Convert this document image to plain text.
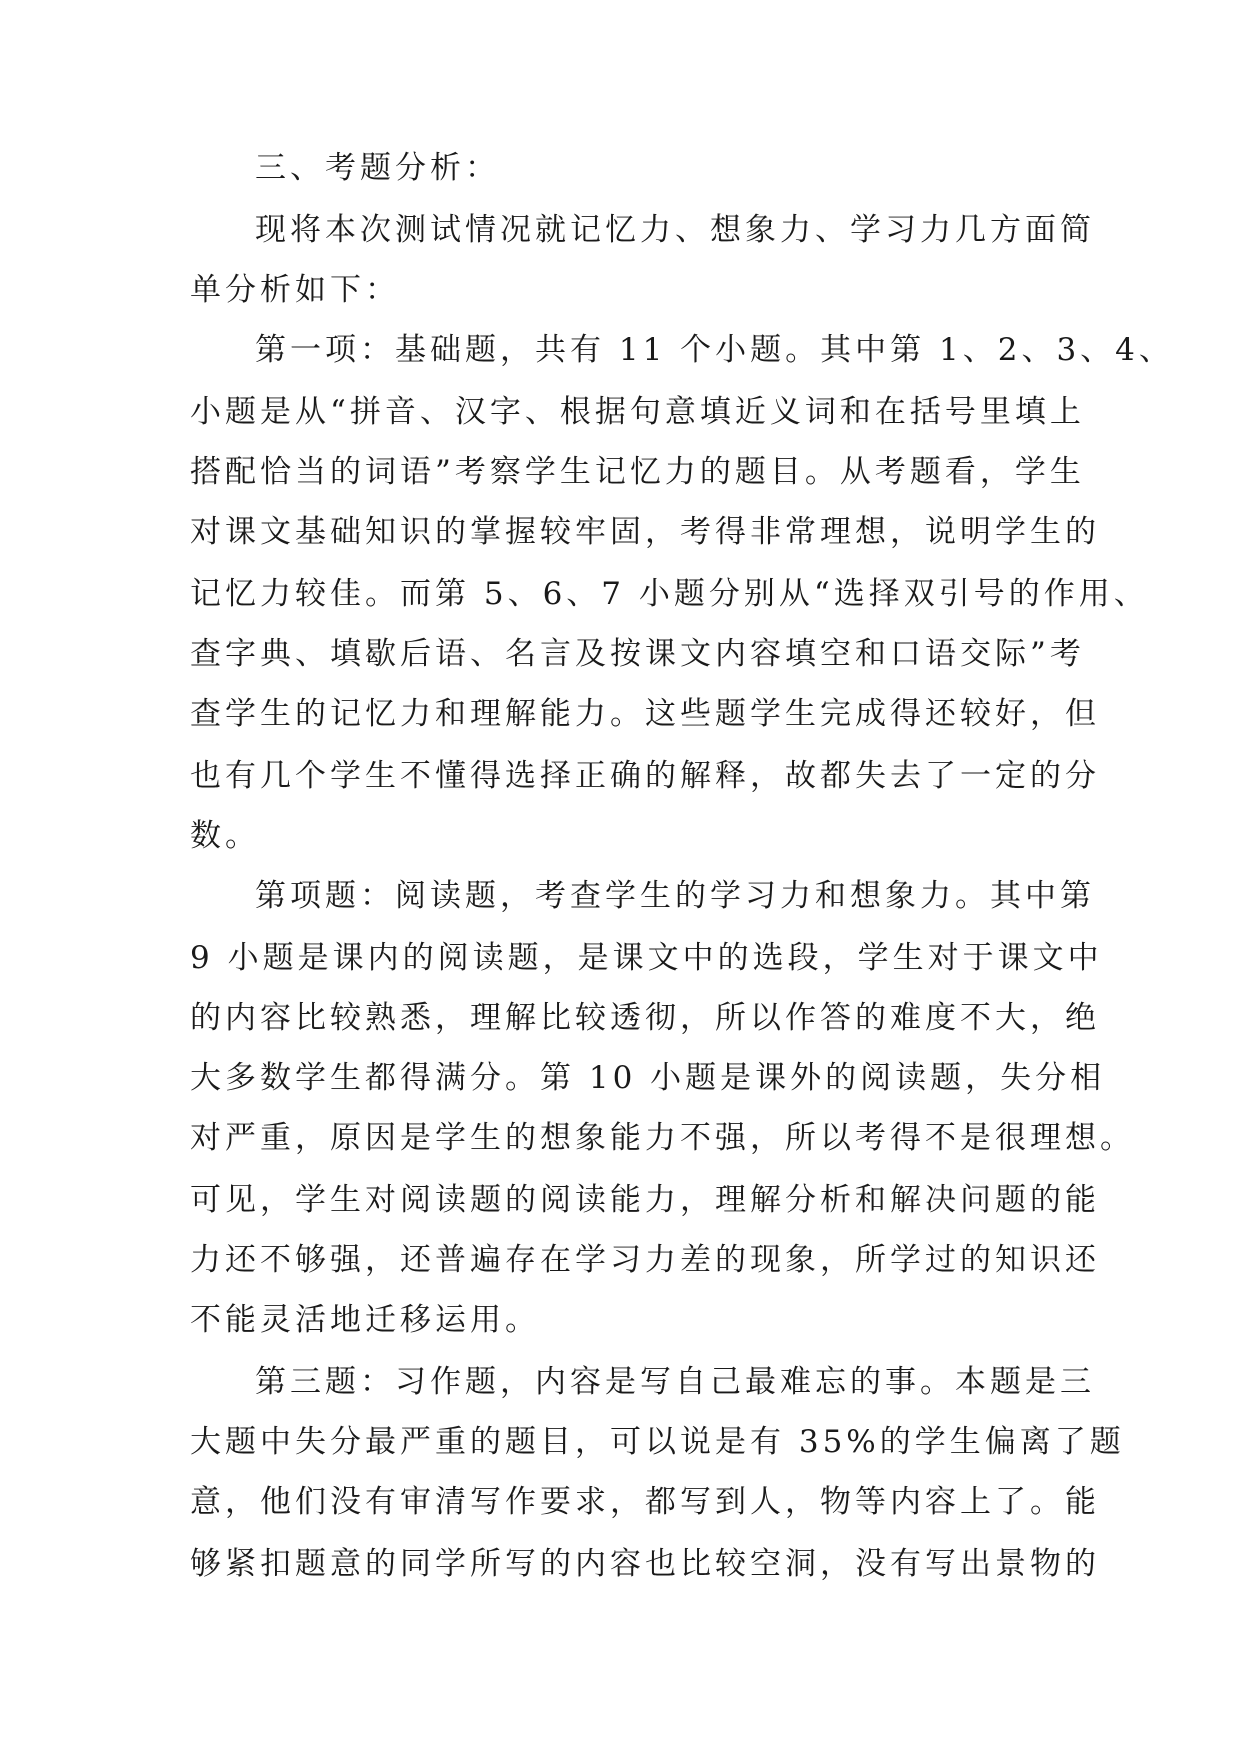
三、考题分析：

现将本次测试情况就记忆力、想象力、学习力几方面简

单分析如下：

第一项：基础题，共有 11 个小题。其中第 1、2、3、4、

小题是从“拼音、汉字、根据句意填近义词和在括号里填上

搭配恰当的词语”考察学生记忆力的题目。从考题看，学生

对课文基础知识的掌握较牢固，考得非常理想，说明学生的

记忆力较佳。而第 5、6、7 小题分别从“选择双引号的作用、

查字典、填歇后语、名言及按课文内容填空和口语交际”考

查学生的记忆力和理解能力。这些题学生完成得还较好，但

也有几个学生不懂得选择正确的解释，故都失去了一定的分

数。

第项题：阅读题，考查学生的学习力和想象力。其中第

9 小题是课内的阅读题，是课文中的选段，学生对于课文中

的内容比较熟悉，理解比较透彻，所以作答的难度不大，绝

大多数学生都得满分。第 10 小题是课外的阅读题，失分相

对严重，原因是学生的想象能力不强，所以考得不是很理想。

可见，学生对阅读题的阅读能力，理解分析和解决问题的能

力还不够强，还普遍存在学习力差的现象，所学过的知识还

不能灵活地迁移运用。

第三题：习作题，内容是写自己最难忘的事。本题是三

大题中失分最严重的题目，可以说是有 35%的学生偏离了题

意，他们没有审清写作要求，都写到人，物等内容上了。能

够紧扣题意的同学所写的内容也比较空洞，没有写出景物的
